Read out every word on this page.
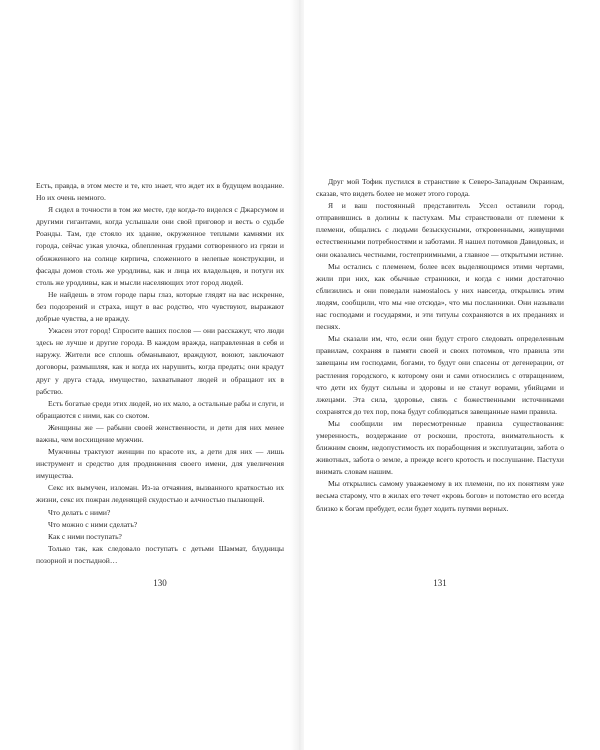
Есть, правда, в этом месте и те, кто знает, что ждет их в будущем воздание. Но их очень немного.

Я сидел в точности в том же месте, где когда-то виделся с Джарсумом и другими гигантами, когда услышали они свой приговор и весть о судьбе Роанды. Там, где стояло их здание, окруженное теплыми камнями их города, сейчас узкая улочка, облепленная грудами сотворенного из грязи и обожженного на солнце кирпича, сложенного в нелепые конструкции, и фасады домов столь же уродливы, как и лица их владельцев, и потуги их столь же уродливы, как и мысли населяющих этот город людей.

Не найдешь в этом городе пары глаз, которые глядят на вас искренне, без подозрений и страха, ищут в вас родство, что чувствуют, выражают добрые чувства, а не вражду.

Ужасен этот город! Спросите ваших послов — они расскажут, что люди здесь не лучше и другие города. В каждом вражда, направленная в себя и наружу. Жители все сплошь обманывают, враждуют, воюют, заключают договоры, размышляя, как и когда их нарушить, когда предать; они крадут друг у друга стада, имущество, захватывают людей и обращают их в рабство.

Есть богатые среди этих людей, но их мало, а остальные рабы и слуги, и обращаются с ними, как со скотом.

Женщины же — рабыни своей женственности, и дети для них менее важны, чем восхищение мужчин.

Мужчины трактуют женщин по красоте их, а дети для них — лишь инструмент и средство для продвижения своего имени, для увеличения имущества.

Секс их вымучен, изломан. Из-за отчаяния, вызванного краткостью их жизни, секс их пожран леденящей скудостью и алчностью пылающей.

Что делать с ними?

Что можно с ними сделать?

Как с ними поступать?

Только так, как следовало поступать с детьми Шаммат, блудницы позорной и постыдной…

130

Друг мой Тофик пустился в странствие к Северо-Западным Окраинам, сказав, что видеть более не может этого города.

Я и ваш постоянный представитель Уссел оставили город, отправившись в долины к пастухам. Мы странствовали от племени к племени, общались с людьми безыскусными, откровенными, живущими естественными потребностями и заботами. Я нашел потомков Давидовых, и они оказались честными, гостеприимными, а главное — открытыми истине.

Мы остались с племенем, более всех выделяющимся этими чертами, жили при них, как обычные странники, и когда с ними достаточно сблизились и они поведали намostalось у них навсегда, открылись этим людям, сообщили, что мы «не отсюда», что мы посланники. Они называли нас господами и государями, и эти титулы сохраняются в их преданиях и песнях.

Мы сказали им, что, если они будут строго следовать определенным правилам, сохраняя в памяти своей и своих потомков, что правила эти завещаны им господами, богами, то будут они спасены от дегенерации, от растления городского, к которому они и сами относились с отвращением, что дети их будут сильны и здоровы и не станут ворами, убийцами и лжецами. Эта сила, здоровье, связь с божественными источниками сохранятся до тех пор, пока будут соблюдаться завещанные нами правила.

Мы сообщили им пересмотренные правила существования: умеренность, воздержание от роскоши, простота, внимательность к ближним своим, недопустимость их порабощения и эксплуатации, забота о животных, забота о земле, а прежде всего кротость и послушание. Пастухи внимать словам нашим.

Мы открылись самому уважаемому в их племени, по их понятиям уже весьма старому, что в жилах его течет «кровь богов» и потомство его всегда близко к богам пребудет, если будет ходить путями верных.

131
